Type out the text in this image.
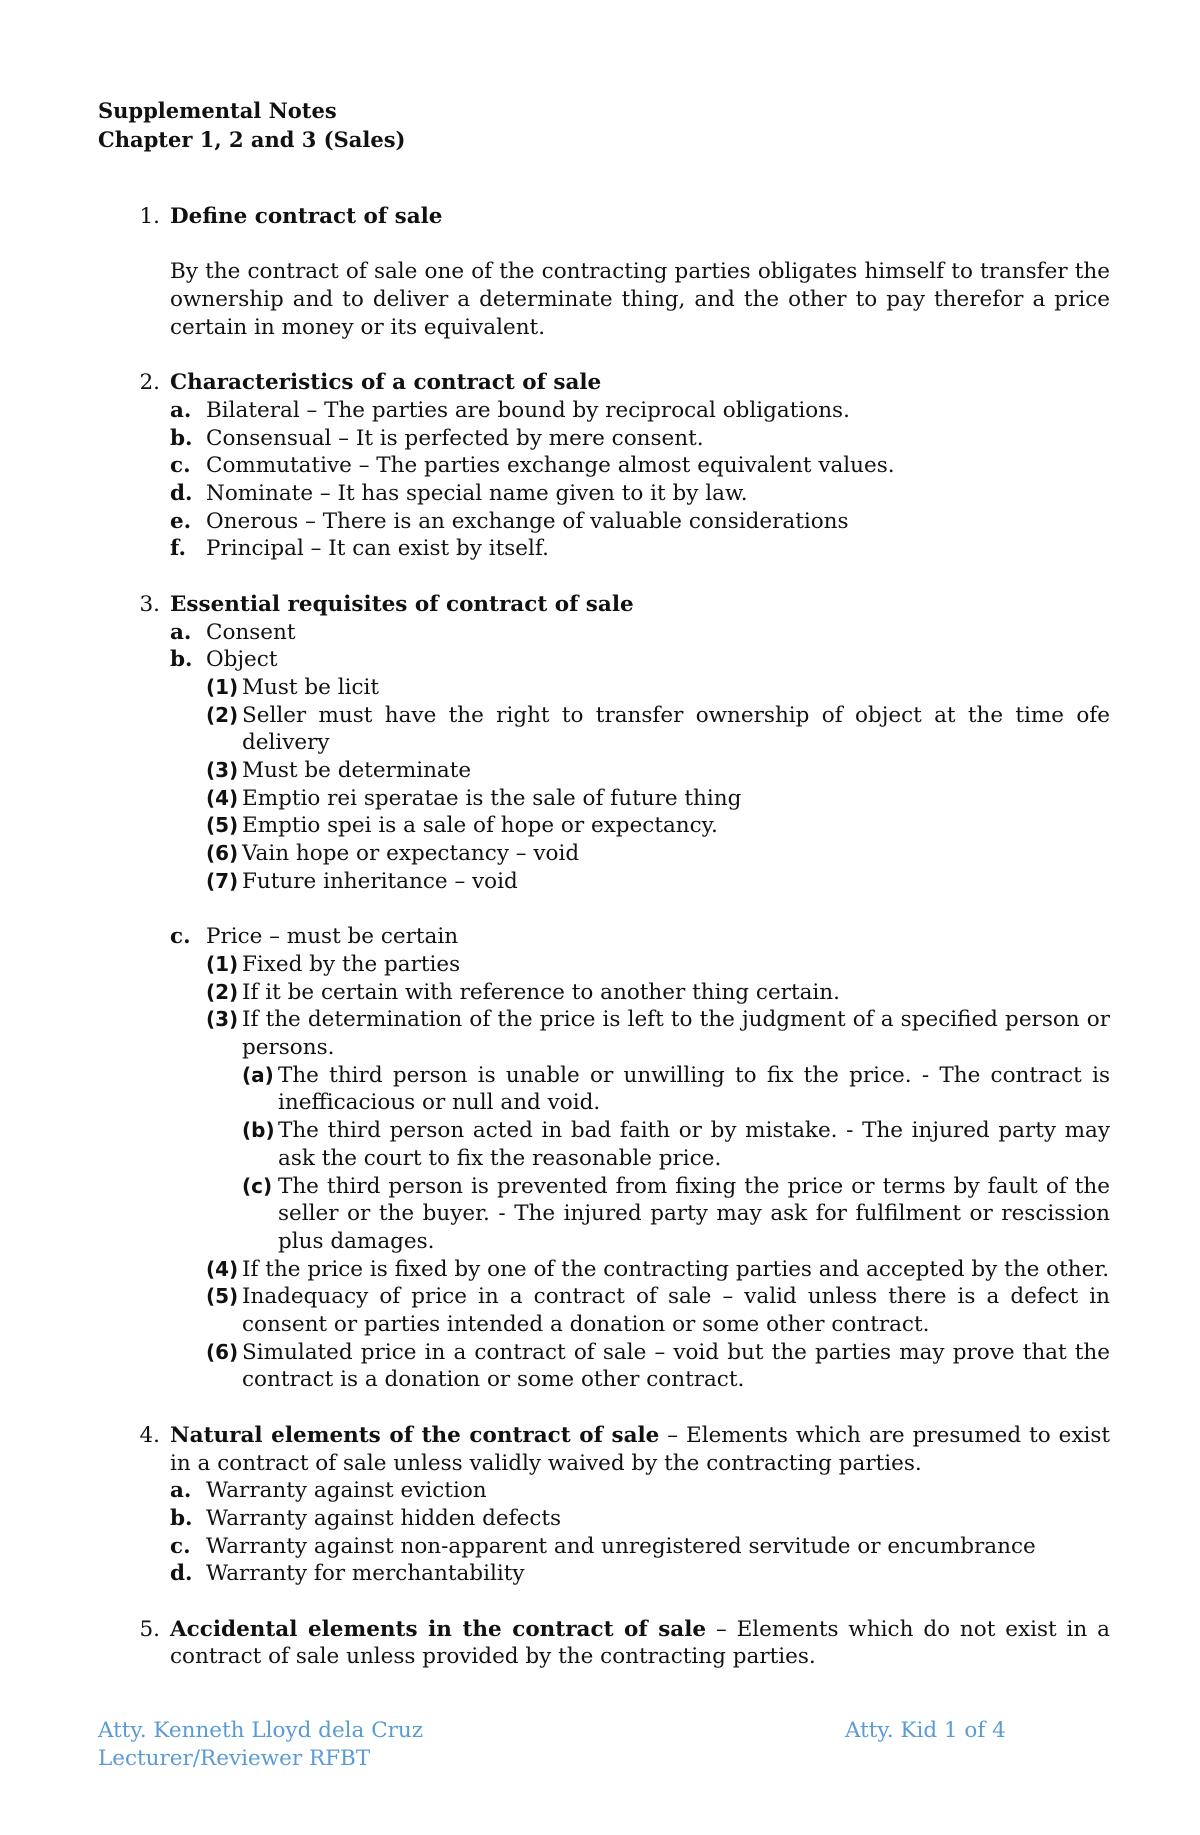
Supplemental Notes
Chapter 1, 2 and 3 (Sales)
1. Define contract of sale
By the contract of sale one of the contracting parties obligates himself to transfer the ownership and to deliver a determinate thing, and the other to pay therefor a price certain in money or its equivalent.
2. Characteristics of a contract of sale
a. Bilateral – The parties are bound by reciprocal obligations.
b. Consensual – It is perfected by mere consent.
c. Commutative – The parties exchange almost equivalent values.
d. Nominate – It has special name given to it by law.
e. Onerous – There is an exchange of valuable considerations
f. Principal – It can exist by itself.
3. Essential requisites of contract of sale
a. Consent
b. Object
(1) Must be licit
(2) Seller must have the right to transfer ownership of object at the time ofe delivery
(3) Must be determinate
(4) Emptio rei speratae is the sale of future thing
(5) Emptio spei is a sale of hope or expectancy.
(6) Vain hope or expectancy – void
(7) Future inheritance – void
c. Price – must be certain
(1) Fixed by the parties
(2) If it be certain with reference to another thing certain.
(3) If the determination of the price is left to the judgment of a specified person or persons.
(a) The third person is unable or unwilling to fix the price. - The contract is inefficacious or null and void.
(b) The third person acted in bad faith or by mistake. - The injured party may ask the court to fix the reasonable price.
(c) The third person is prevented from fixing the price or terms by fault of the seller or the buyer. - The injured party may ask for fulfilment or rescission plus damages.
(4) If the price is fixed by one of the contracting parties and accepted by the other.
(5) Inadequacy of price in a contract of sale – valid unless there is a defect in consent or parties intended a donation or some other contract.
(6) Simulated price in a contract of sale – void but the parties may prove that the contract is a donation or some other contract.
4. Natural elements of the contract of sale – Elements which are presumed to exist in a contract of sale unless validly waived by the contracting parties.
a. Warranty against eviction
b. Warranty against hidden defects
c. Warranty against non-apparent and unregistered servitude or encumbrance
d. Warranty for merchantability
5. Accidental elements in the contract of sale – Elements which do not exist in a contract of sale unless provided by the contracting parties.
Atty. Kenneth Lloyd dela Cruz
Lecturer/Reviewer RFBT
Atty. Kid 1 of 4
